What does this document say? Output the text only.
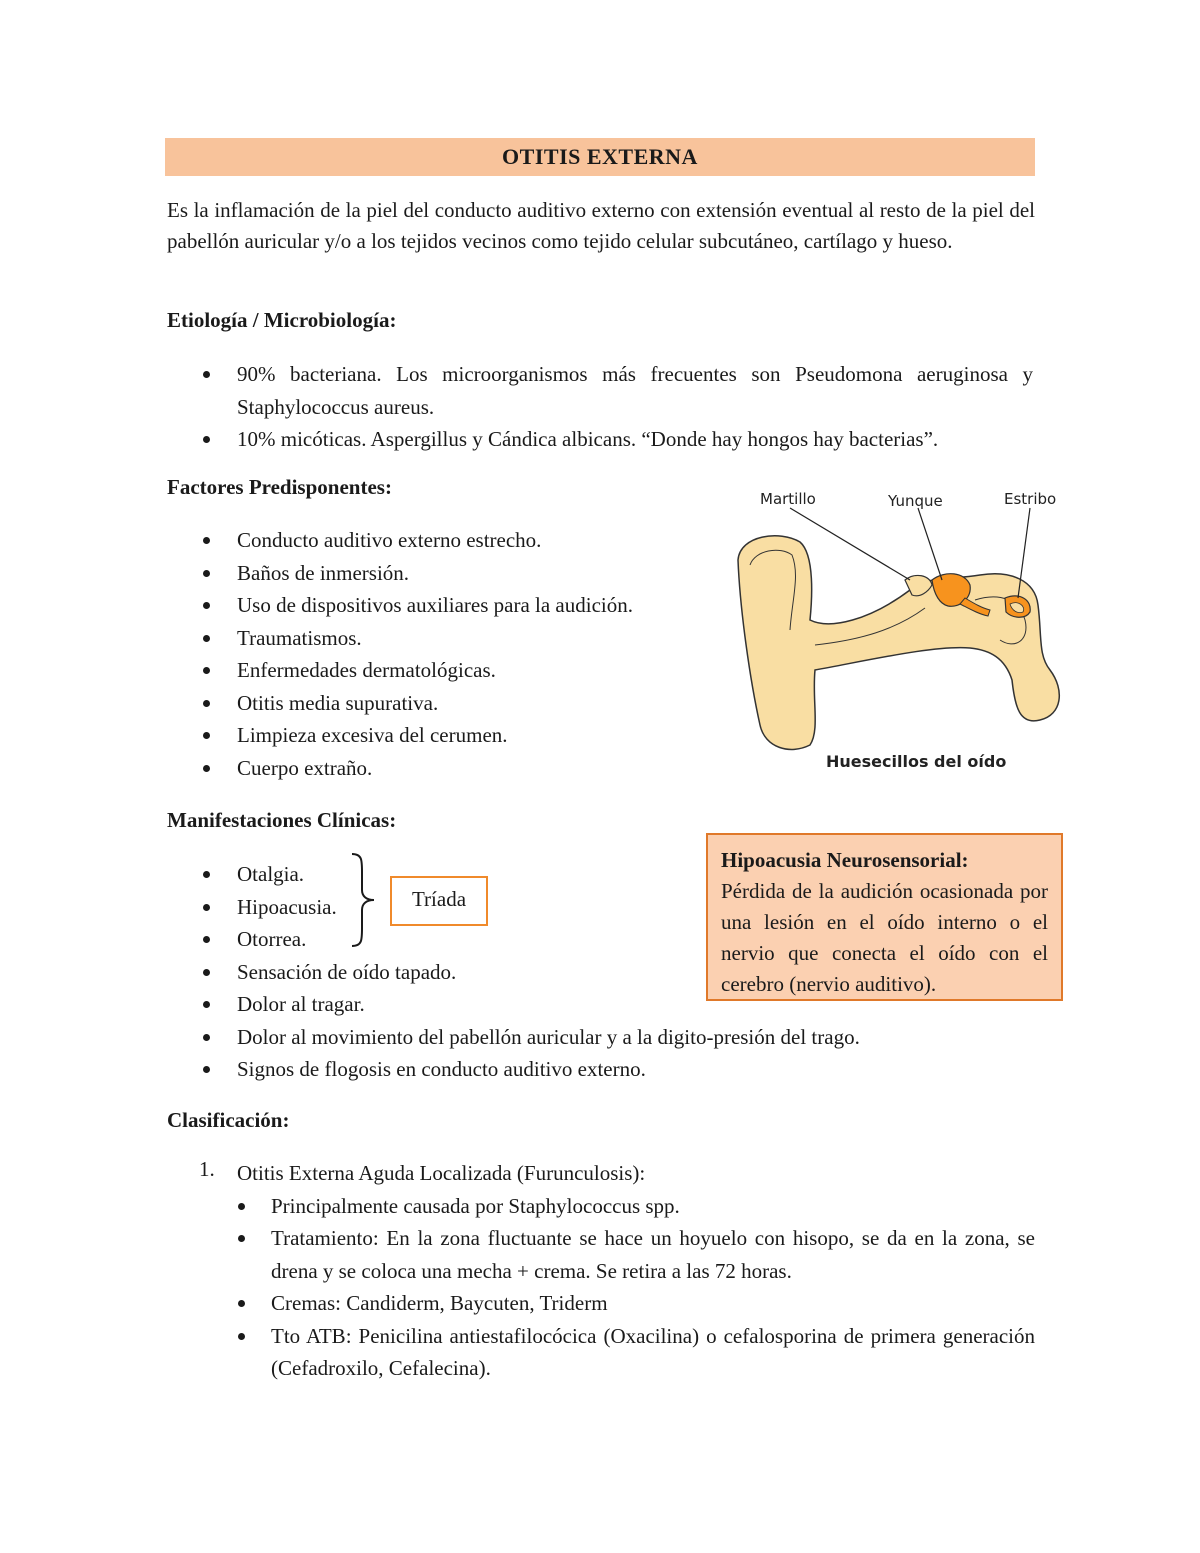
OTITIS EXTERNA
Es la inflamación de la piel del conducto auditivo externo con extensión eventual al resto de la piel del pabellón auricular y/o a los tejidos vecinos como tejido celular subcutáneo, cartílago y hueso.
Etiología / Microbiología:
90% bacteriana. Los microorganismos más frecuentes son Pseudomona aeruginosa y Staphylococcus aureus.
10% micóticas. Aspergillus y Cándica albicans. “Donde hay hongos hay bacterias”.
Factores Predisponentes:
Conducto auditivo externo estrecho.
Baños de inmersión.
Uso de dispositivos auxiliares para la audición.
Traumatismos.
Enfermedades dermatológicas.
Otitis media supurativa.
Limpieza excesiva del cerumen.
Cuerpo extraño.
Martillo	Yunque	Estribo
Huesecillos del oído
Manifestaciones Clínicas:
Otalgia.
Hipoacusia.
Otorrea.
Sensación de oído tapado.
Dolor al tragar.
Dolor al movimiento del pabellón auricular y a la digito-presión del trago.
Signos de flogosis en conducto auditivo externo.
Tríada
Hipoacusia Neurosensorial:
Pérdida de la audición ocasionada por una lesión en el oído interno o el nervio que conecta el oído con el cerebro (nervio auditivo).
Clasificación:
1.	Otitis Externa Aguda Localizada (Furunculosis):
Principalmente causada por Staphylococcus spp.
Tratamiento: En la zona fluctuante se hace un hoyuelo con hisopo, se da en la zona, se drena y se coloca una mecha + crema. Se retira a las 72 horas.
Cremas: Candiderm, Baycuten, Triderm
Tto ATB: Penicilina antiestafilocócica (Oxacilina) o cefalosporina de primera generación (Cefadroxilo, Cefalecina).
